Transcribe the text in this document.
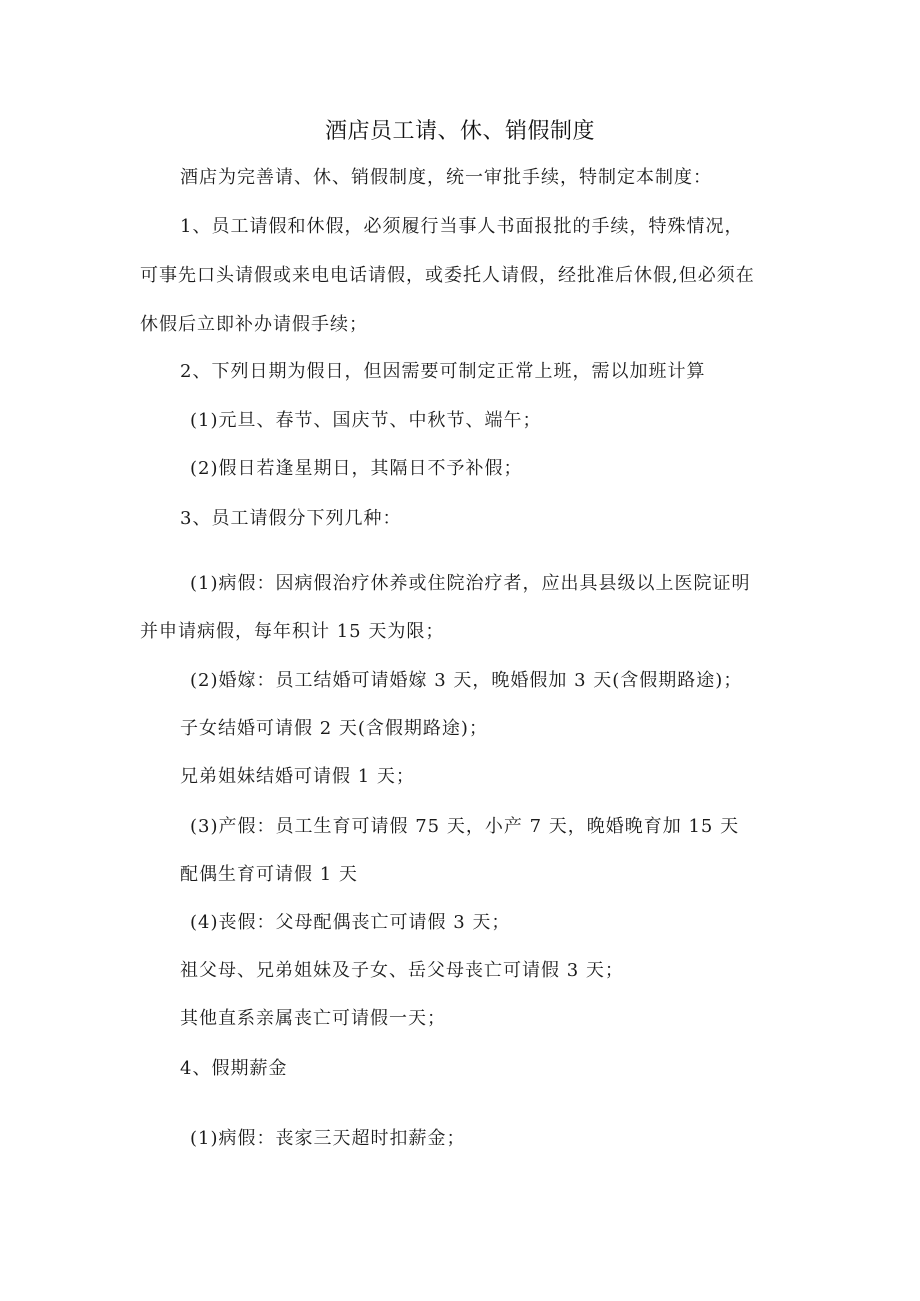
酒店员工请、休、销假制度
酒店为完善请、休、销假制度，统一审批手续，特制定本制度：
1、员工请假和休假，必须履行当事人书面报批的手续，特殊情况，
可事先口头请假或来电电话请假，或委托人请假，经批准后休假,但必须在
休假后立即补办请假手续；
2、下列日期为假日，但因需要可制定正常上班，需以加班计算
(1)元旦、春节、国庆节、中秋节、端午；
(2)假日若逢星期日，其隔日不予补假；
3、员工请假分下列几种：
(1)病假：因病假治疗休养或住院治疗者，应出具县级以上医院证明
并申请病假，每年积计 15 天为限；
(2)婚嫁：员工结婚可请婚嫁 3 天，晚婚假加 3 天(含假期路途)；
子女结婚可请假 2 天(含假期路途)；
兄弟姐妹结婚可请假 1 天；
(3)产假：员工生育可请假 75 天，小产 7 天，晚婚晚育加 15 天
配偶生育可请假 1 天
(4)丧假：父母配偶丧亡可请假 3 天；
祖父母、兄弟姐妹及子女、岳父母丧亡可请假 3 天；
其他直系亲属丧亡可请假一天；
4、假期薪金
(1)病假：丧家三天超时扣薪金；
